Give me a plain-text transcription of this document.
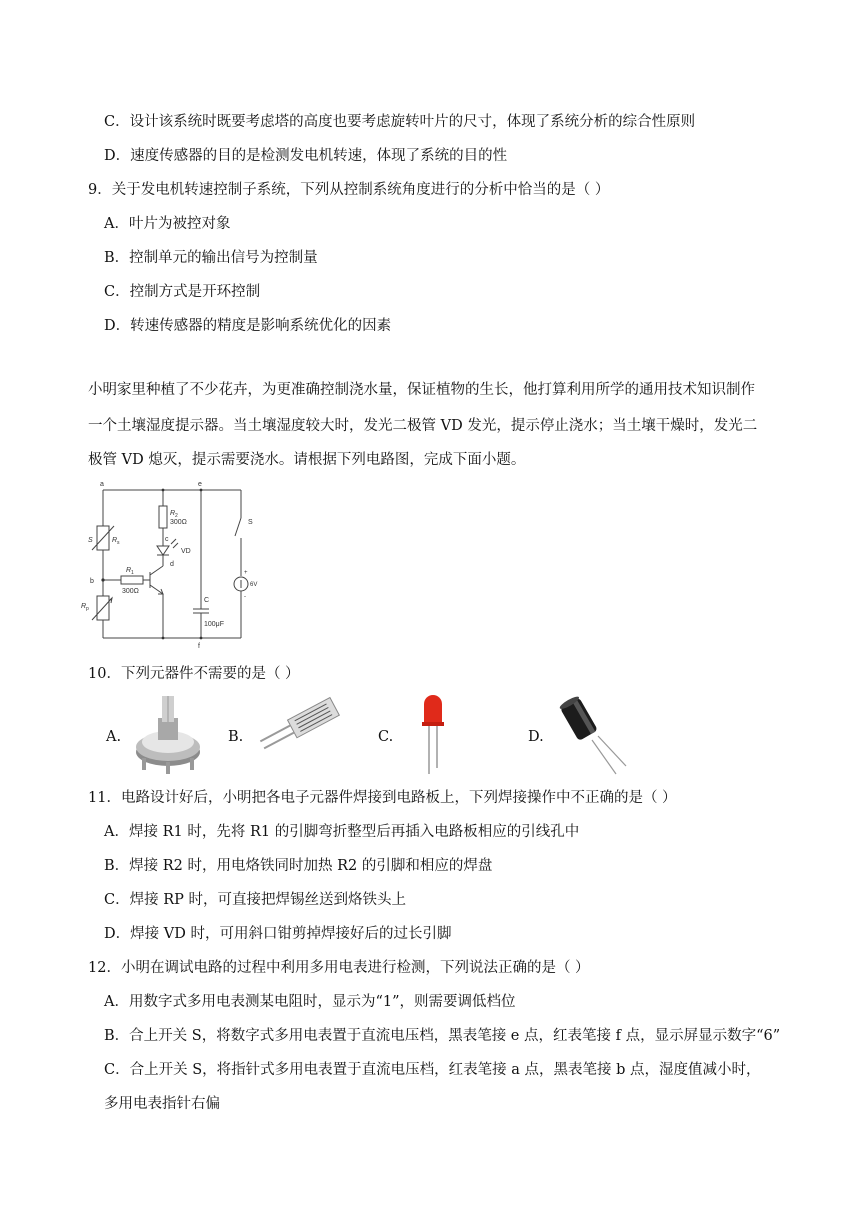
C．设计该系统时既要考虑塔的高度也要考虑旋转叶片的尺寸，体现了系统分析的综合性原则
D．速度传感器的目的是检测发电机转速，体现了系统的目的性
9．关于发电机转速控制子系统，下列从控制系统角度进行的分析中恰当的是（ ）
A．叶片为被控对象
B．控制单元的输出信号为控制量
C．控制方式是开环控制
D．转速传感器的精度是影响系统优化的因素
小明家里种植了不少花卉，为更准确控制浇水量，保证植物的生长，他打算利用所学的通用技术知识制作
一个土壤湿度提示器。当土壤湿度较大时，发光二极管 VD 发光，提示停止浇水；当土壤干燥时，发光二
极管 VD 熄灭，提示需要浇水。请根据下列电路图，完成下面小题。
a	e
S	R s
b
R 2
300Ω
c
VD
d
R 1
300Ω
R p
C
100μF
f
S
+
6V
-
10．下列元器件不需要的是（ ）
A.	B.	C.	D.
11．电路设计好后，小明把各电子元器件焊接到电路板上，下列焊接操作中不正确的是（ ）
A．焊接 R1 时，先将 R1 的引脚弯折整型后再插入电路板相应的引线孔中
B．焊接 R2 时，用电烙铁同时加热 R2 的引脚和相应的焊盘
C．焊接 RP 时，可直接把焊锡丝送到烙铁头上
D．焊接 VD 时，可用斜口钳剪掉焊接好后的过长引脚
12．小明在调试电路的过程中利用多用电表进行检测，下列说法正确的是（ ）
A．用数字式多用电表测某电阻时，显示为“1”，则需要调低档位
B．合上开关 S，将数字式多用电表置于直流电压档，黑表笔接 e 点，红表笔接 f 点，显示屏显示数字“6”
C．合上开关 S，将指针式多用电表置于直流电压档，红表笔接 a 点，黑表笔接 b 点，湿度值减小时，
多用电表指针右偏
